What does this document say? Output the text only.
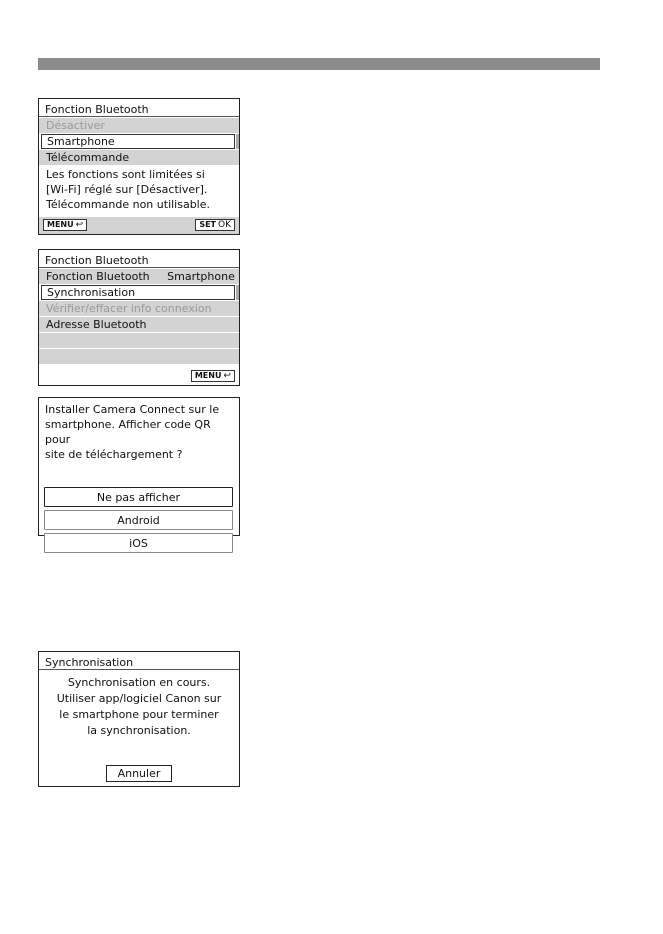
Fonction Bluetooth
Désactiver
Smartphone
Télécommande
Les fonctions sont limitées si
[Wi-Fi] réglé sur [Désactiver].
Télécommande non utilisable.
MENU ↩	SET OK
Fonction Bluetooth
Fonction Bluetooth Smartphone
Synchronisation
Vérifier/effacer info connexion
Adresse Bluetooth
MENU ↩
Installer Camera Connect sur le
smartphone. Afficher code QR pour
site de téléchargement ?
Ne pas afficher
Android
iOS
Synchronisation
Synchronisation en cours.
Utiliser app/logiciel Canon sur
le smartphone pour terminer
la synchronisation.
Annuler
